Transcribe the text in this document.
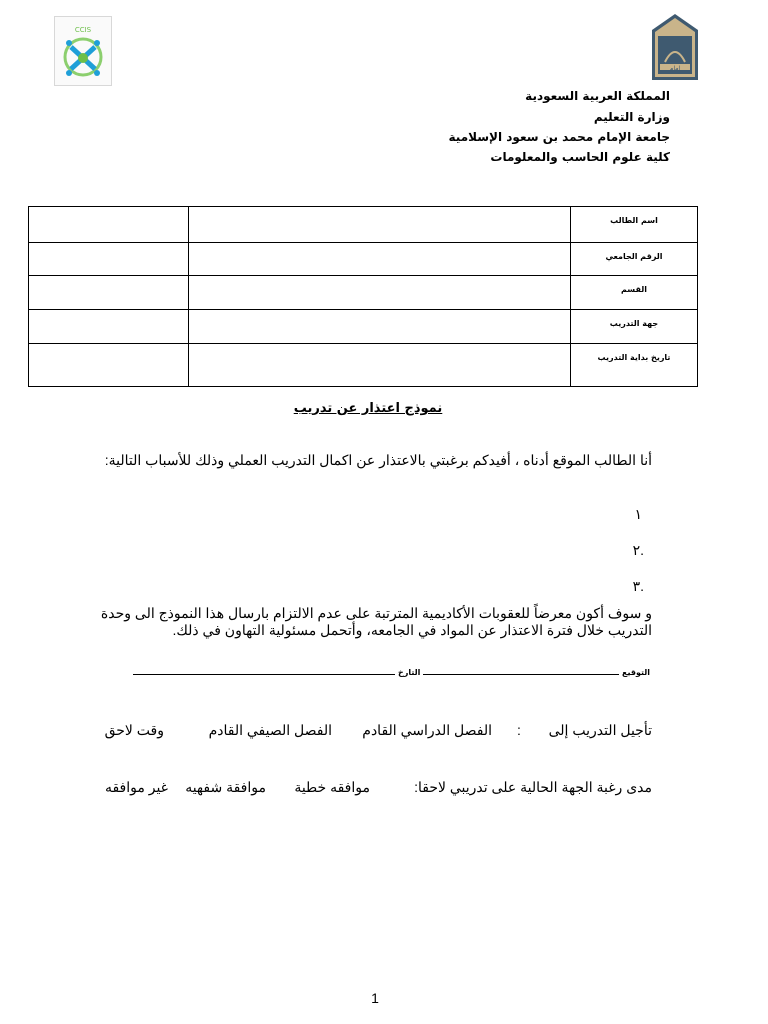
إمام
CCIS
المملكة العربية السعودية
وزارة التعليم
جامعة الإمام محمد بن سعود الإسلامية
كلية علوم الحاسب والمعلومات
		اسم الطالب
		الرقم الجامعي
		القسم
		جهة التدريب
		تاريخ بداية التدريب
نموذج اعتذار عن تدريب
أنا الطالب الموقع أدناه ، أفيدكم برغبتي بالاعتذار عن اكمال التدريب العملي وذلك للأسباب التالية:
١
.٢
.٣
و سوف أكون معرضاً للعقوبات الأكاديمية المترتبة على عدم الالتزام بارسال هذا النموذج الى وحدة التدريب خلال فترة الاعتذار عن المواد في الجامعه، وأتحمل مسئولية التهاون في ذلك.
التوقيع  التارخ
تأجيل التدريب إلى
:
الفصل الدراسي القادم
الفصل الصيفي القادم
وقت لاحق
مدى رغبة الجهة الحالية على تدريبي لاحقا:
موافقه خطية
موافقة شفهيه
غير موافقه
1
